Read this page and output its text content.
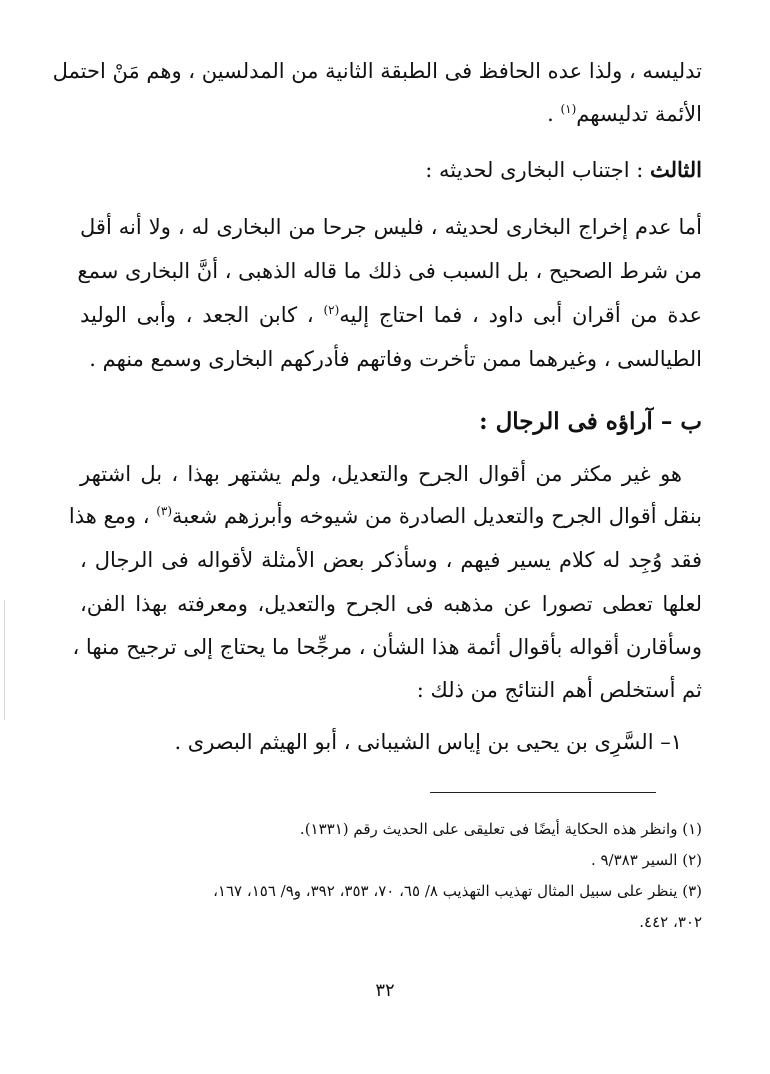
تدليسه ، ولذا عده الحافظ فى الطبقة الثانية من المدلسين ، وهم مَنْ احتمل
الأئمة تدليسهم$^{(١)}$ .
الثالث : اجتناب البخارى لحديثه :
أما عدم إخراج البخارى لحديثه ، فليس جرحا من البخارى له ، ولا أنه أقل
من شرط الصحيح ، بل السبب فى ذلك ما قاله الذهبى ، أنَّ البخارى سمع
عدة من أقران أبى داود ، فما احتاج إليه$^{(٢)}$ ، كابن الجعد ، وأبى الوليد
الطيالسى ، وغيرهما ممن تأخرت وفاتهم فأدركهم البخارى وسمع منهم .
ب – آراؤه فى الرجال :
هو غير مكثر من أقوال الجرح والتعديل، ولم يشتهر بهذا ، بل اشتهر
بنقل أقوال الجرح والتعديل الصادرة من شيوخه وأبرزهم شعبة$^{(٣)}$ ، ومع هذا
فقد وُجِد له كلام يسير فيهم ، وسأذكر بعض الأمثلة لأقواله فى الرجال ،
لعلها تعطى تصورا عن مذهبه فى الجرح والتعديل، ومعرفته بهذا الفن،
وسأقارن أقواله بأقوال أئمة هذا الشأن ، مرجِّحا ما يحتاج إلى ترجيح منها ،
ثم أستخلص أهم النتائج من ذلك :
١– السَّرِى بن يحيى بن إياس الشيبانى ، أبو الهيثم البصرى .
(١) وانظر هذه الحكاية أيضًا فى تعليقى على الحديث رقم (١٣٣١).
(٢) السير ٩/٣٨٣ .
(٣) ينظر على سبيل المثال تهذيب التهذيب ٨/ ٦٥، ٧٠، ٣٥٣، ٣٩٢، و٩/ ١٥٦، ١٦٧،
٣٠٢، ٤٤٢.
٣٢
